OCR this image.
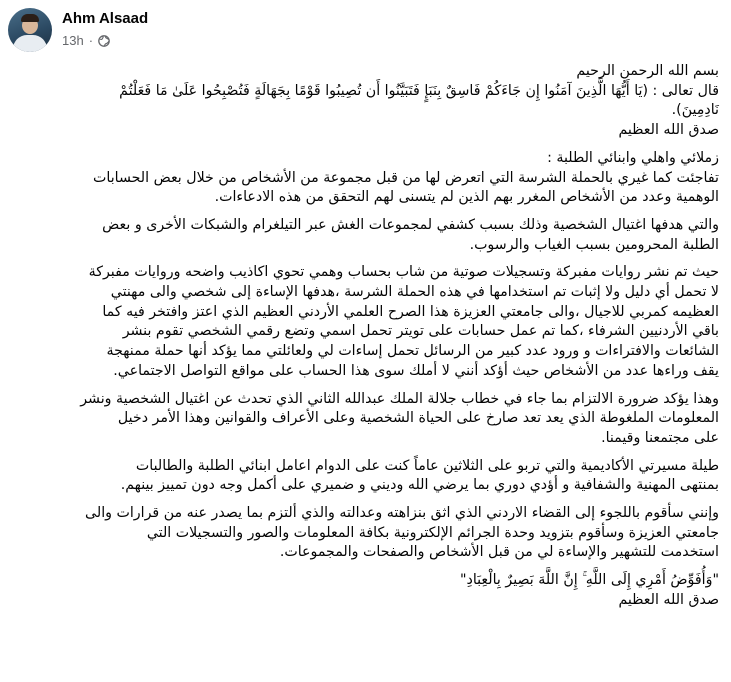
Ahm Alsaad
13h ·

بسم الله الرحمن الرحيم
قال تعالى : (يَا أَيُّهَا الَّذِينَ آمَنُوا إِن جَاءَكُمْ فَاسِقٌ بِنَبَإٍ فَتَبَيَّنُوا أَن تُصِيبُوا قَوْمًا بِجَهَالَةٍ فَتُصْبِحُوا عَلَىٰ مَا فَعَلْتُمْ
نَادِمِينَ).
صدق الله العظيم

زملائي واهلي وابنائي الطلبة :
تفاجئت كما غيري بالحملة الشرسة التي اتعرض لها من قبل مجموعة من الأشخاص من خلال بعض الحسابات
الوهمية وعدد من الأشخاص المغرر بهم الذين لم يتسنى لهم التحقق من هذه الادعاءات.

والتي هدفها اغتيال الشخصية وذلك بسبب كشفي لمجموعات الغش عبر التيلغرام والشبكات الأخرى و بعض
الطلبة المحرومين بسبب الغياب والرسوب.

حيث تم نشر روايات مفبركة وتسجيلات صوتية من شاب بحساب وهمي تحوي اكاذيب واضحه وروايات مفبركة
لا تحمل أي دليل ولا إثبات تم استخدامها في هذه الحملة الشرسة ،هدفها الإساءة إلى شخصي والى مهنتي
العظيمه كمربي للاجيال ،والى جامعتي العزيزة هذا الصرح العلمي الأردني العظيم الذي اعتز وافتخر فيه كما
باقي الأردنيين الشرفاء ،كما تم عمل حسابات على تويتر تحمل اسمي وتضع رقمي الشخصي تقوم بنشر
الشائعات والافتراءات و ورود عدد كبير من الرسائل تحمل إساءات لي ولعائلتي مما يؤكد أنها حملة ممنهجة
يقف وراءها عدد من الأشخاص حيث أؤكد أنني لا أملك سوى هذا الحساب على مواقع التواصل الاجتماعي.

وهذا يؤكد ضرورة الالتزام بما جاء في خطاب جلالة الملك عبدالله الثاني الذي تحدث عن اغتيال الشخصية ونشر
المعلومات الملغوطة الذي يعد تعد صارخ على الحياة الشخصية وعلى الأعراف والقوانين وهذا الأمر دخيل
على مجتمعنا وقيمنا.

طيلة مسيرتي الأكاديمية والتي تربو على الثلاثين عاماً كنت على الدوام اعامل ابنائي الطلبة والطالبات
بمنتهى المهنية والشفافية و أؤدي دوري بما يرضي الله وديني و ضميري على أكمل وجه دون تمييز بينهم.

وإنني سأقوم باللجوء إلى القضاء الاردني الذي اثق بنزاهته وعدالته والذي ألتزم بما يصدر عنه من قرارات والى
جامعتي العزيزة وسأقوم بتزويد وحدة الجرائم الإلكترونية بكافة المعلومات والصور والتسجيلات التي
استخدمت للتشهير والإساءة لي من قبل الأشخاص والصفحات والمجموعات.

"وَأُفَوِّضُ أَمْرِي إِلَى اللَّهِ ۚ إِنَّ اللَّهَ بَصِيرٌ بِالْعِبَادِ"
صدق الله العظيم
